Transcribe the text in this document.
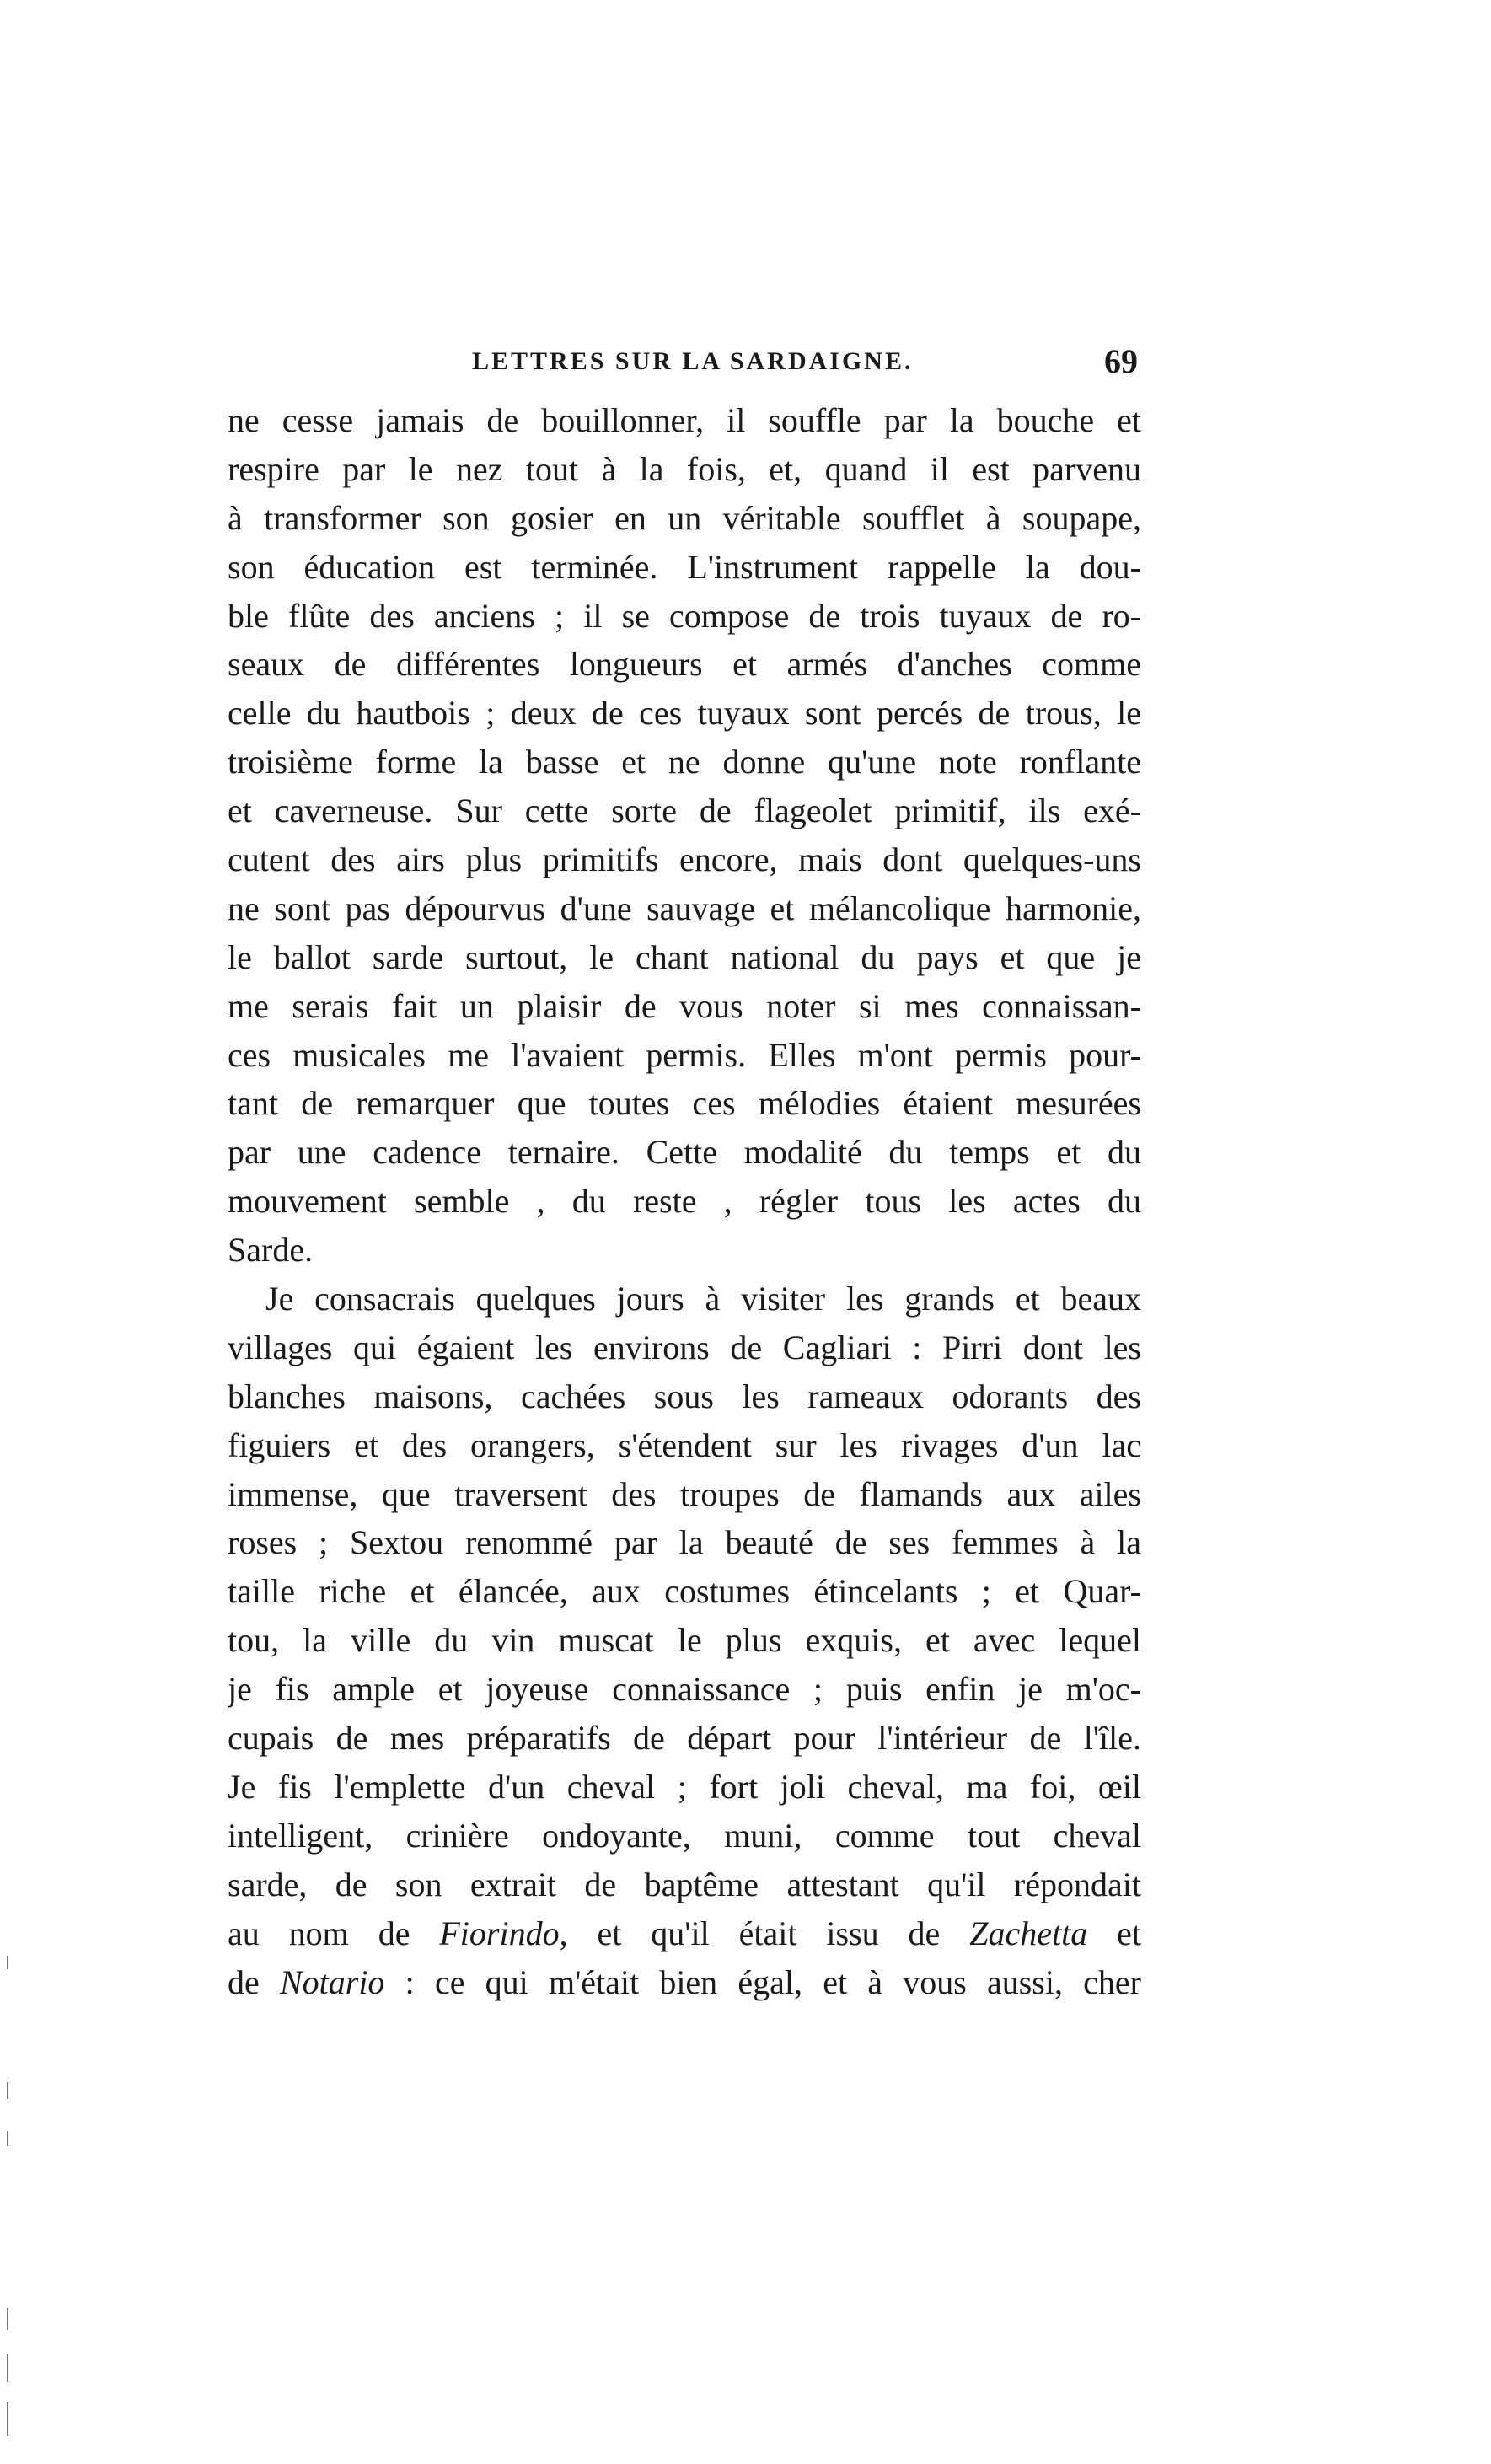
LETTRES SUR LA SARDAIGNE.	69
ne cesse jamais de bouillonner, il souffle par la bouche et
respire par le nez tout à la fois, et, quand il est parvenu
à transformer son gosier en un véritable soufflet à soupape,
son éducation est terminée. L'instrument rappelle la dou-
ble flûte des anciens ; il se compose de trois tuyaux de ro-
seaux de différentes longueurs et armés d'anches comme
celle du hautbois ; deux de ces tuyaux sont percés de trous, le
troisième forme la basse et ne donne qu'une note ronflante
et caverneuse. Sur cette sorte de flageolet primitif, ils exé-
cutent des airs plus primitifs encore, mais dont quelques-uns
ne sont pas dépourvus d'une sauvage et mélancolique harmonie,
le ballot sarde surtout, le chant national du pays et que je
me serais fait un plaisir de vous noter si mes connaissan-
ces musicales me l'avaient permis. Elles m'ont permis pour-
tant de remarquer que toutes ces mélodies étaient mesurées
par une cadence ternaire. Cette modalité du temps et du
mouvement semble , du reste , régler tous les actes du
Sarde.
Je consacrais quelques jours à visiter les grands et beaux
villages qui égaient les environs de Cagliari : Pirri dont les
blanches maisons, cachées sous les rameaux odorants des
figuiers et des orangers, s'étendent sur les rivages d'un lac
immense, que traversent des troupes de flamands aux ailes
roses ; Sextou renommé par la beauté de ses femmes à la
taille riche et élancée, aux costumes étincelants ; et Quar-
tou, la ville du vin muscat le plus exquis, et avec lequel
je fis ample et joyeuse connaissance ; puis enfin je m'oc-
cupais de mes préparatifs de départ pour l'intérieur de l'île.
Je fis l'emplette d'un cheval ; fort joli cheval, ma foi, œil
intelligent, crinière ondoyante, muni, comme tout cheval
sarde, de son extrait de baptême attestant qu'il répondait
au nom de Fiorindo, et qu'il était issu de Zachetta et
de Notario : ce qui m'était bien égal, et à vous aussi, cher
